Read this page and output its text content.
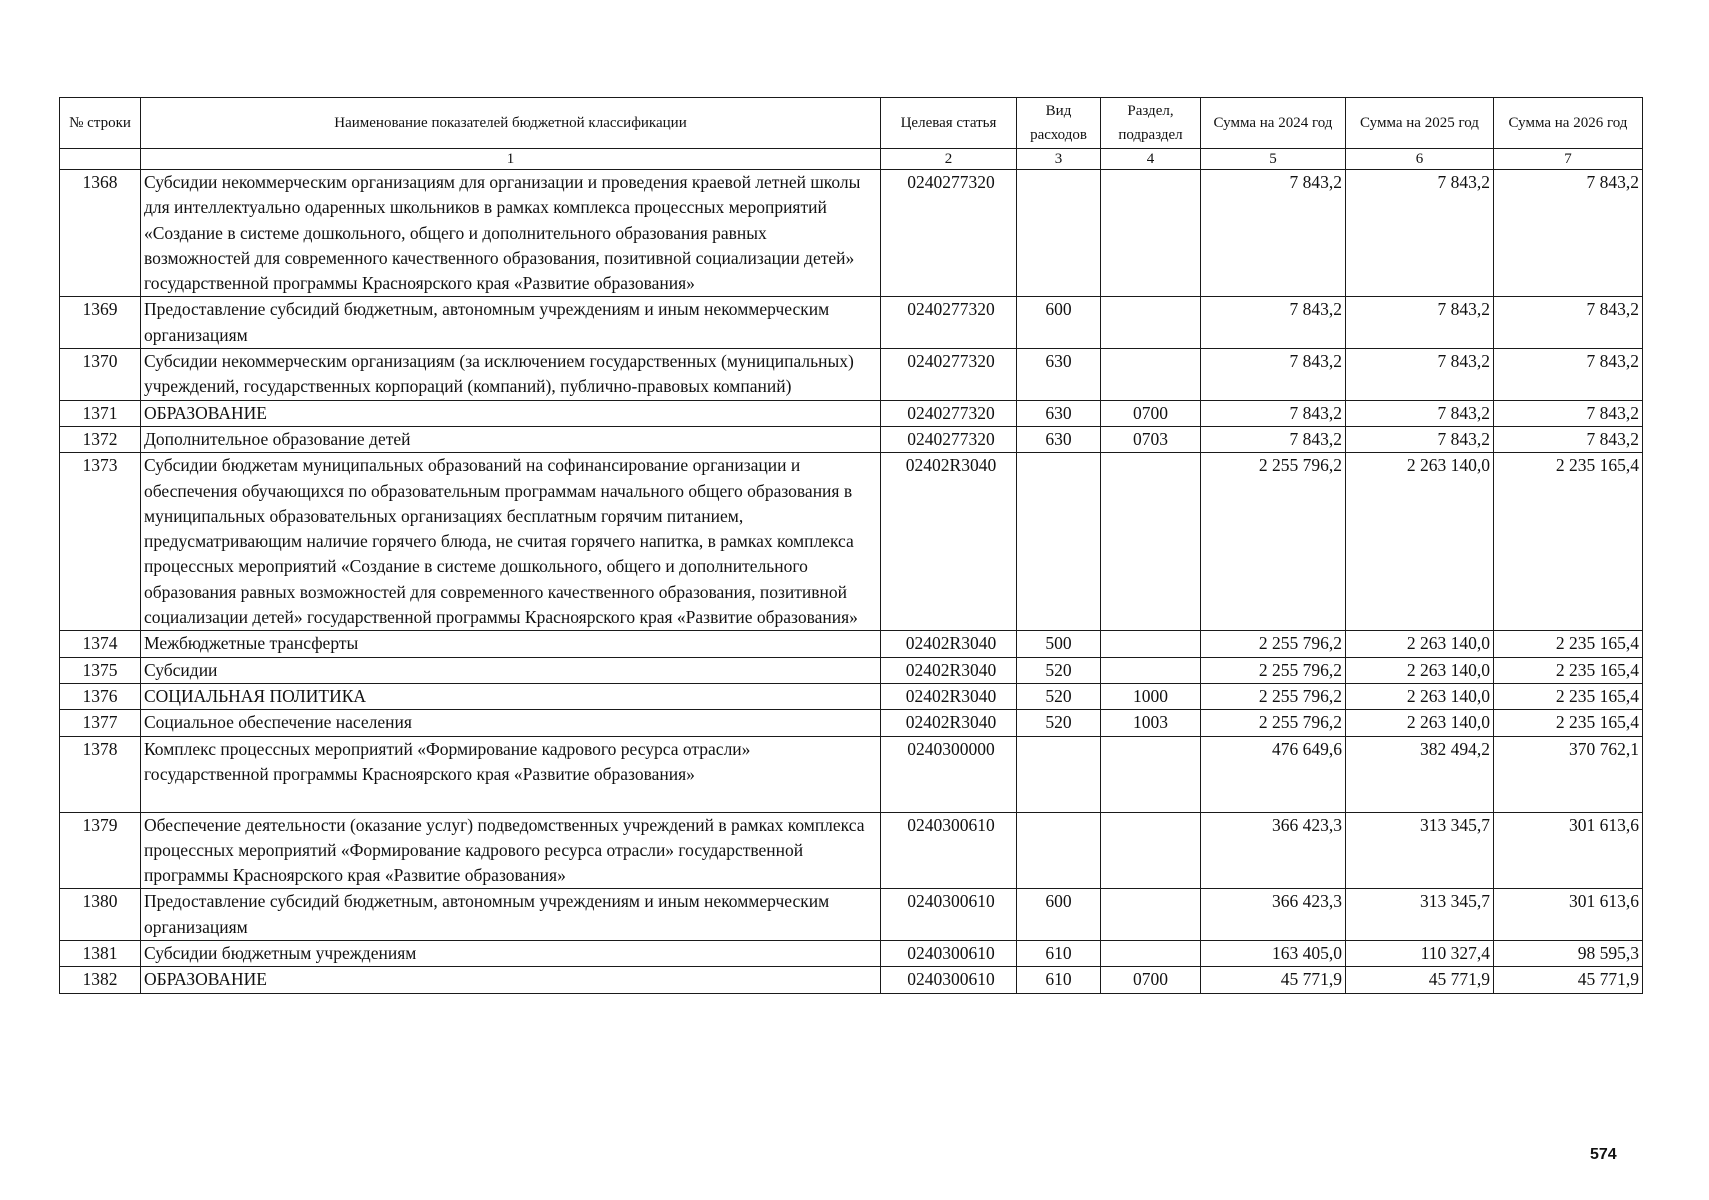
№ строки	Наименование показателей бюджетной классификации	Целевая статья	Вид расходов	Раздел, подраздел	Сумма на 2024 год	Сумма на 2025 год	Сумма на 2026 год
	1	2	3	4	5	6	7
1368	Субсидии некоммерческим организациям для организации и проведения краевой летней школы для интеллектуально одаренных школьников в рамках комплекса процессных мероприятий «Создание в системе дошкольного, общего и дополнительного образования равных возможностей для современного качественного образования, позитивной социализации детей» государственной программы Красноярского края «Развитие образования»	0240277320			7 843,2	7 843,2	7 843,2
1369	Предоставление субсидий бюджетным, автономным учреждениям и иным некоммерческим организациям	0240277320	600		7 843,2	7 843,2	7 843,2
1370	Субсидии некоммерческим организациям (за исключением государственных (муниципальных) учреждений, государственных корпораций (компаний), публично-правовых компаний)	0240277320	630		7 843,2	7 843,2	7 843,2
1371	ОБРАЗОВАНИЕ	0240277320	630	0700	7 843,2	7 843,2	7 843,2
1372	Дополнительное образование детей	0240277320	630	0703	7 843,2	7 843,2	7 843,2
1373	Субсидии бюджетам муниципальных образований на софинансирование организации и обеспечения обучающихся по образовательным программам начального общего образования в муниципальных образовательных организациях бесплатным горячим питанием, предусматривающим наличие горячего блюда, не считая горячего напитка, в рамках комплекса процессных мероприятий «Создание в системе дошкольного, общего и дополнительного образования равных возможностей для современного качественного образования, позитивной социализации детей» государственной программы Красноярского края «Развитие образования»	02402R3040			2 255 796,2	2 263 140,0	2 235 165,4
1374	Межбюджетные трансферты	02402R3040	500		2 255 796,2	2 263 140,0	2 235 165,4
1375	Субсидии	02402R3040	520		2 255 796,2	2 263 140,0	2 235 165,4
1376	СОЦИАЛЬНАЯ ПОЛИТИКА	02402R3040	520	1000	2 255 796,2	2 263 140,0	2 235 165,4
1377	Социальное обеспечение населения	02402R3040	520	1003	2 255 796,2	2 263 140,0	2 235 165,4
1378	Комплекс процессных мероприятий «Формирование кадрового ресурса отрасли» государственной программы Красноярского края «Развитие образования»	0240300000			476 649,6	382 494,2	370 762,1
1379	Обеспечение деятельности (оказание услуг) подведомственных учреждений в рамках комплекса процессных мероприятий «Формирование кадрового ресурса отрасли» государственной программы Красноярского края «Развитие образования»	0240300610			366 423,3	313 345,7	301 613,6
1380	Предоставление субсидий бюджетным, автономным учреждениям и иным некоммерческим организациям	0240300610	600		366 423,3	313 345,7	301 613,6
1381	Субсидии бюджетным учреждениям	0240300610	610		163 405,0	110 327,4	98 595,3
1382	ОБРАЗОВАНИЕ	0240300610	610	0700	45 771,9	45 771,9	45 771,9
574
